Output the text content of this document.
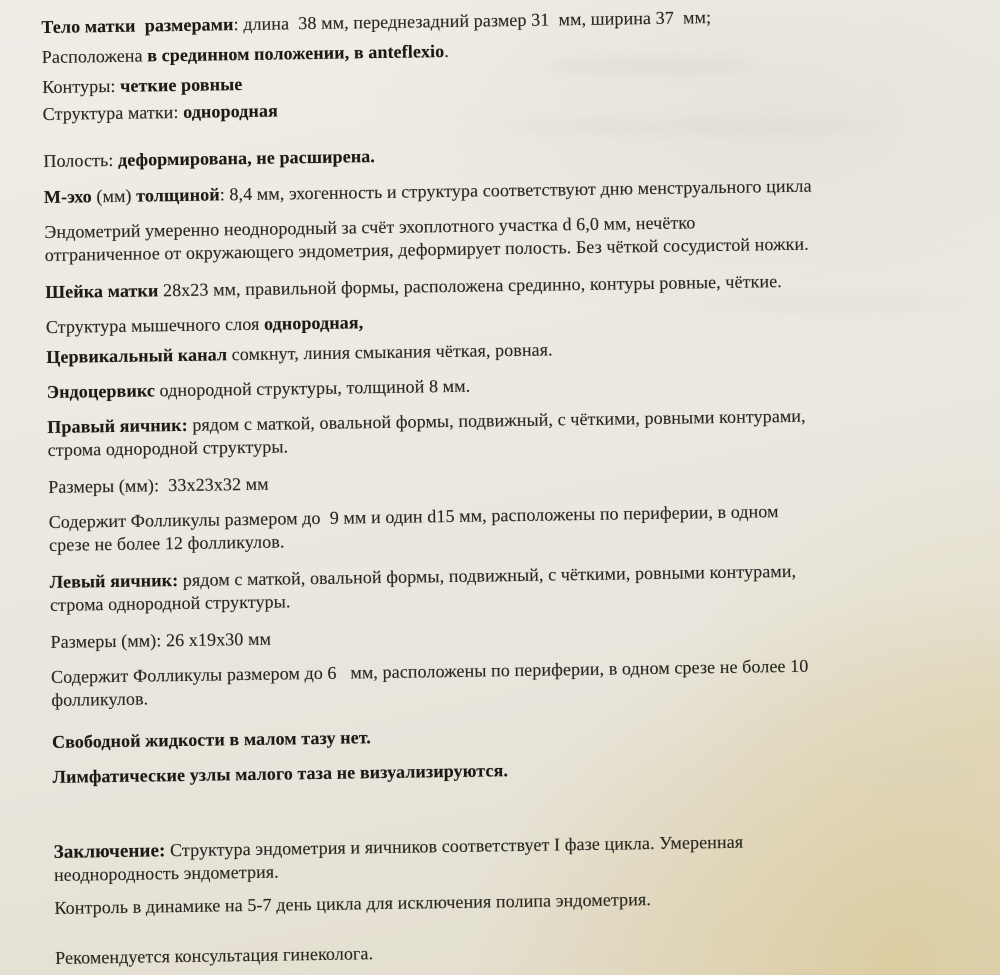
Тело матки  размерами: длина  38 мм, переднезадний размер 31  мм, ширина 37  мм;

Расположена в срединном положении, в anteflexio.

Контуры: четкие ровные

Структура матки: однородная

Полость: деформирована, не расширена.

М-эхо (мм) толщиной: 8,4 мм, эхогенность и структура соответствуют дню менструального цикла

Эндометрий умеренно неоднородный за счёт эхоплотного участка d 6,0 мм, нечётко
отграниченное от окружающего эндометрия, деформирует полость. Без чёткой сосудистой ножки.

Шейка матки 28х23 мм, правильной формы, расположена срединно, контуры ровные, чёткие.

Структура мышечного слоя однородная,

Цервикальный канал сомкнут, линия смыкания чёткая, ровная.

Эндоцервикс однородной структуры, толщиной 8 мм.

Правый яичник: рядом с маткой, овальной формы, подвижный, с чёткими, ровными контурами,
строма однородной структуры.

Размеры (мм):  33х23х32 мм

Содержит Фолликулы размером до  9 мм и один d15 мм, расположены по периферии, в одном
срезе не более 12 фолликулов.

Левый яичник: рядом с маткой, овальной формы, подвижный, с чёткими, ровными контурами,
строма однородной структуры.

Размеры (мм): 26 х19х30 мм

Содержит Фолликулы размером до 6   мм, расположены по периферии, в одном срезе не более 10
фолликулов.

Свободной жидкости в малом тазу нет.

Лимфатические узлы малого таза не визуализируются.

Заключение: Структура эндометрия и яичников соответствует I фазе цикла. Умеренная
неоднородность эндометрия.

Контроль в динамике на 5-7 день цикла для исключения полипа эндометрия.

Рекомендуется консультация гинеколога.
